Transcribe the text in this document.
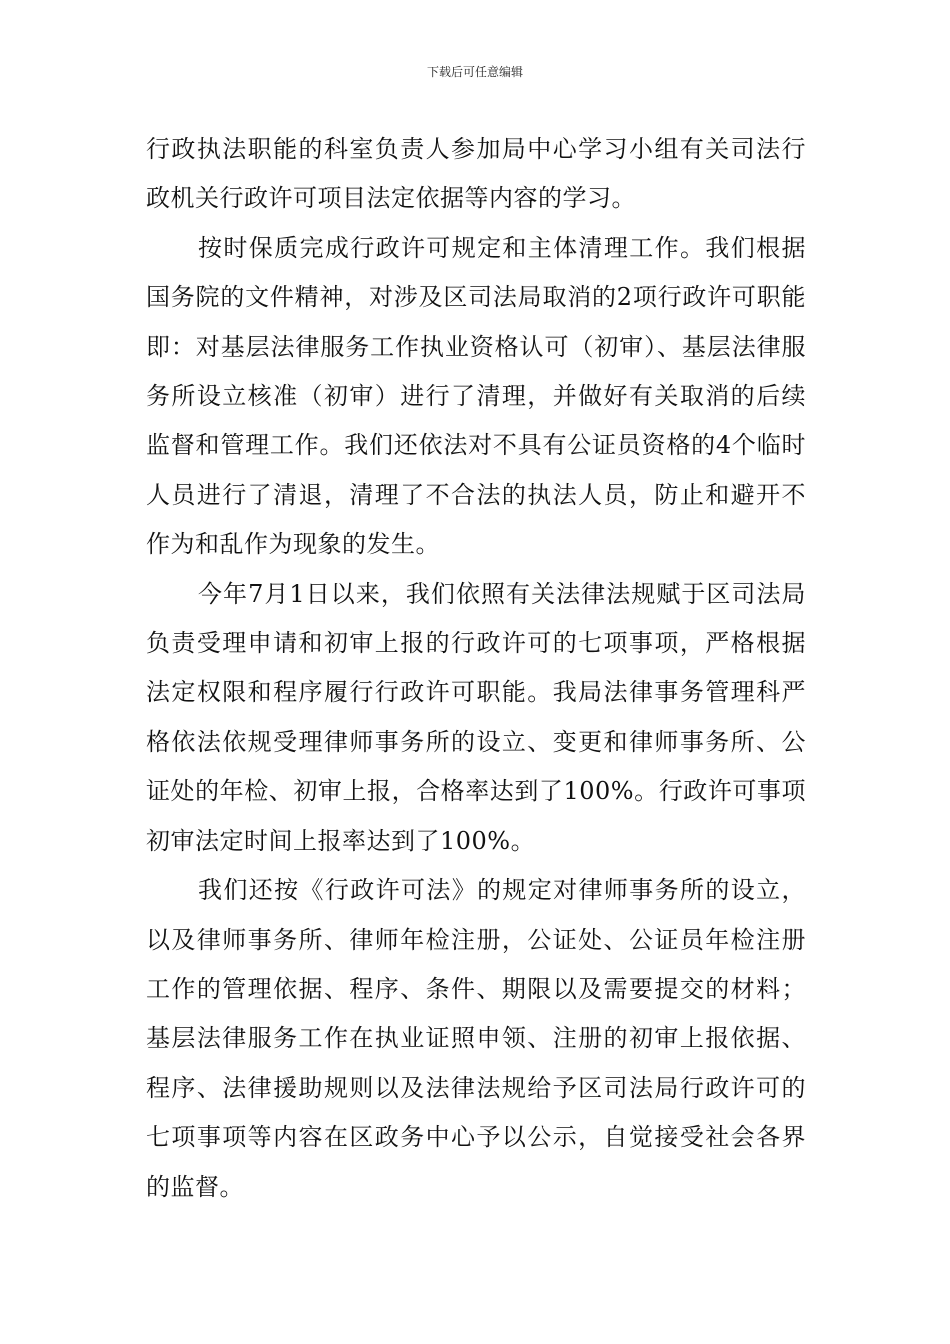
下载后可任意编辑

行政执法职能的科室负责人参加局中心学习小组有关司法行政机关行政许可项目法定依据等内容的学习。

按时保质完成行政许可规定和主体清理工作。我们根据国务院的文件精神，对涉及区司法局取消的2项行政许可职能即：对基层法律服务工作执业资格认可（初审）、基层法律服务所设立核准（初审）进行了清理，并做好有关取消的后续监督和管理工作。我们还依法对不具有公证员资格的4个临时人员进行了清退，清理了不合法的执法人员，防止和避开不作为和乱作为现象的发生。

今年7月1日以来，我们依照有关法律法规赋于区司法局负责受理申请和初审上报的行政许可的七项事项，严格根据法定权限和程序履行行政许可职能。我局法律事务管理科严格依法依规受理律师事务所的设立、变更和律师事务所、公证处的年检、初审上报，合格率达到了100%。行政许可事项初审法定时间上报率达到了100%。

我们还按《行政许可法》的规定对律师事务所的设立，以及律师事务所、律师年检注册，公证处、公证员年检注册工作的管理依据、程序、条件、期限以及需要提交的材料；基层法律服务工作在执业证照申领、注册的初审上报依据、程序、法律援助规则以及法律法规给予区司法局行政许可的七项事项等内容在区政务中心予以公示，自觉接受社会各界的监督。
